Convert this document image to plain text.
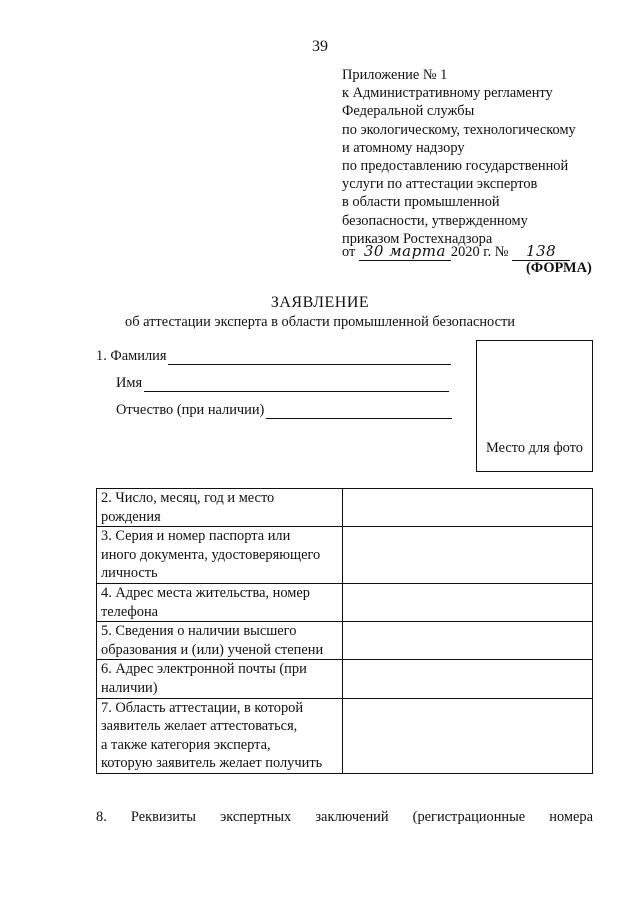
39
Приложение № 1
к Административному регламенту
Федеральной службы
по экологическому, технологическому
и атомному надзору
по предоставлению государственной
услуги по аттестации экспертов
в области промышленной
безопасности, утвержденному
приказом Ростехнадзора
от 30 марта 2020 г. № 138
(ФОРМА)
ЗАЯВЛЕНИЕ
об аттестации эксперта в области промышленной безопасности
1. Фамилия
Имя
Отчество (при наличии)
Место для фото
2. Число, месяц, год и место
рождения	

3. Серия и номер паспорта или
иного документа, удостоверяющего
личность	

4. Адрес места жительства, номер
телефона	

5. Сведения о наличии высшего
образования и (или) ученой степени	

6. Адрес электронной почты (при
наличии)	

7. Область аттестации, в которой
заявитель желает аттестоваться,
а также категория эксперта,
которую заявитель желает получить	

8. Реквизиты экспертных заключений (регистрационные номера
